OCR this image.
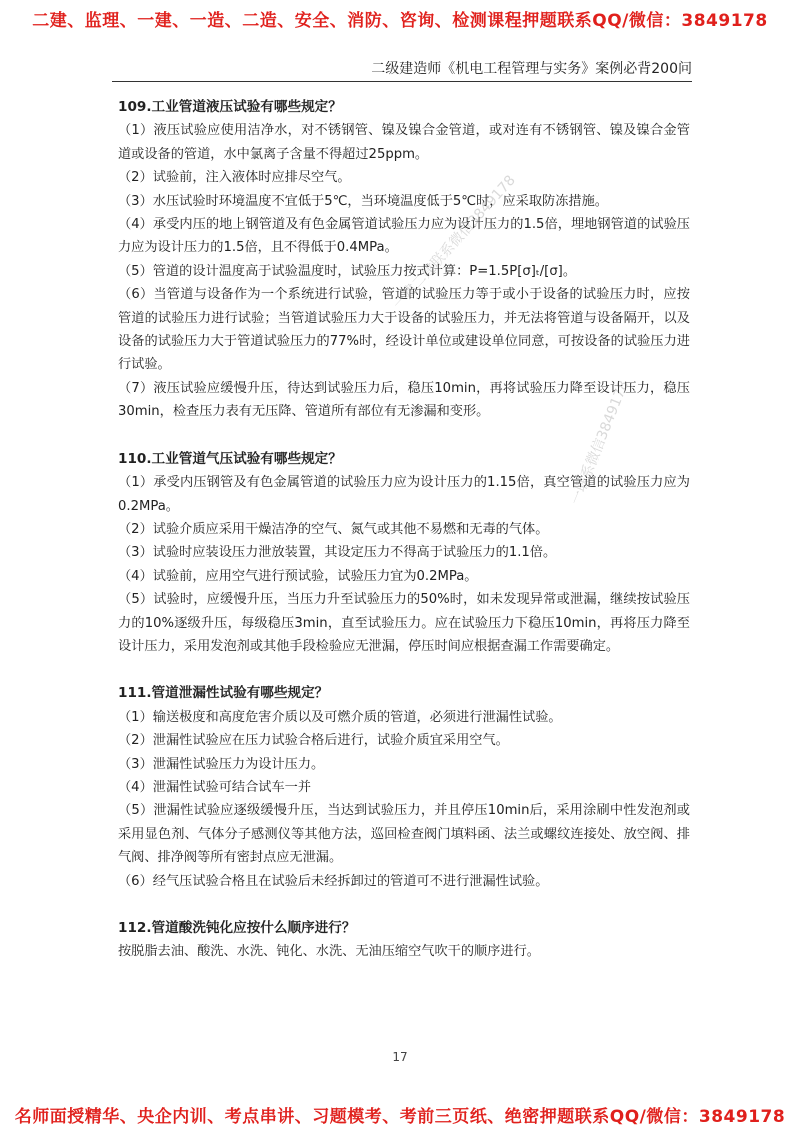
二建、监理、一建、一造、二造、安全、消防、咨询、检测课程押题联系QQ/微信：3849178
二级建造师《机电工程管理与实务》案例必背200问

109.工业管道液压试验有哪些规定？

（1）液压试验应使用洁净水，对不锈钢管、镍及镍合金管道，或对连有不锈钢管、镍及镍合金管道或设备的管道，水中氯离子含量不得超过25ppm。

（2）试验前，注入液体时应排尽空气。

（3）水压试验时环境温度不宜低于5℃，当环境温度低于5℃时，应采取防冻措施。

（4）承受内压的地上钢管道及有色金属管道试验压力应为设计压力的1.5倍，埋地钢管道的试验压力应为设计压力的1.5倍，且不得低于0.4MPa。

（5）管道的设计温度高于试验温度时，试验压力按式计算：P=1.5P[σ]ₜ/[σ]。

（6）当管道与设备作为一个系统进行试验，管道的试验压力等于或小于设备的试验压力时，应按管道的试验压力进行试验；当管道试验压力大于设备的试验压力，并无法将管道与设备隔开，以及设备的试验压力大于管道试验压力的77%时，经设计单位或建设单位同意，可按设备的试验压力进行试验。

（7）液压试验应缓慢升压，待达到试验压力后，稳压10min，再将试验压力降至设计压力，稳压30min，检查压力表有无压降、管道所有部位有无渗漏和变形。

110.工业管道气压试验有哪些规定？

（1）承受内压钢管及有色金属管道的试验压力应为设计压力的1.15倍，真空管道的试验压力应为0.2MPa。

（2）试验介质应采用干燥洁净的空气、氮气或其他不易燃和无毒的气体。

（3）试验时应装设压力泄放装置，其设定压力不得高于试验压力的1.1倍。

（4）试验前，应用空气进行预试验，试验压力宜为0.2MPa。

（5）试验时，应缓慢升压，当压力升至试验压力的50%时，如未发现异常或泄漏，继续按试验压力的10%逐级升压，每级稳压3min，直至试验压力。应在试验压力下稳压10min，再将压力降至设计压力，采用发泡剂或其他手段检验应无泄漏，停压时间应根据查漏工作需要确定。

111.管道泄漏性试验有哪些规定？

（1）输送极度和高度危害介质以及可燃介质的管道，必须进行泄漏性试验。

（2）泄漏性试验应在压力试验合格后进行，试验介质宜采用空气。

（3）泄漏性试验压力为设计压力。

（4）泄漏性试验可结合试车一并

（5）泄漏性试验应逐级缓慢升压，当达到试验压力，并且停压10min后，采用涂刷中性发泡剂或采用显色剂、气体分子感测仪等其他方法，巡回检查阀门填料函、法兰或螺纹连接处、放空阀、排气阀、排净阀等所有密封点应无泄漏。

（6）经气压试验合格且在试验后未经拆卸过的管道可不进行泄漏性试验。

112.管道酸洗钝化应按什么顺序进行？

按脱脂去油、酸洗、水洗、钝化、水洗、无油压缩空气吹干的顺序进行。

一建二建联系微信3849178
一联系微信3849178
17
名师面授精华、央企内训、考点串讲、习题模考、考前三页纸、绝密押题联系QQ/微信：3849178
